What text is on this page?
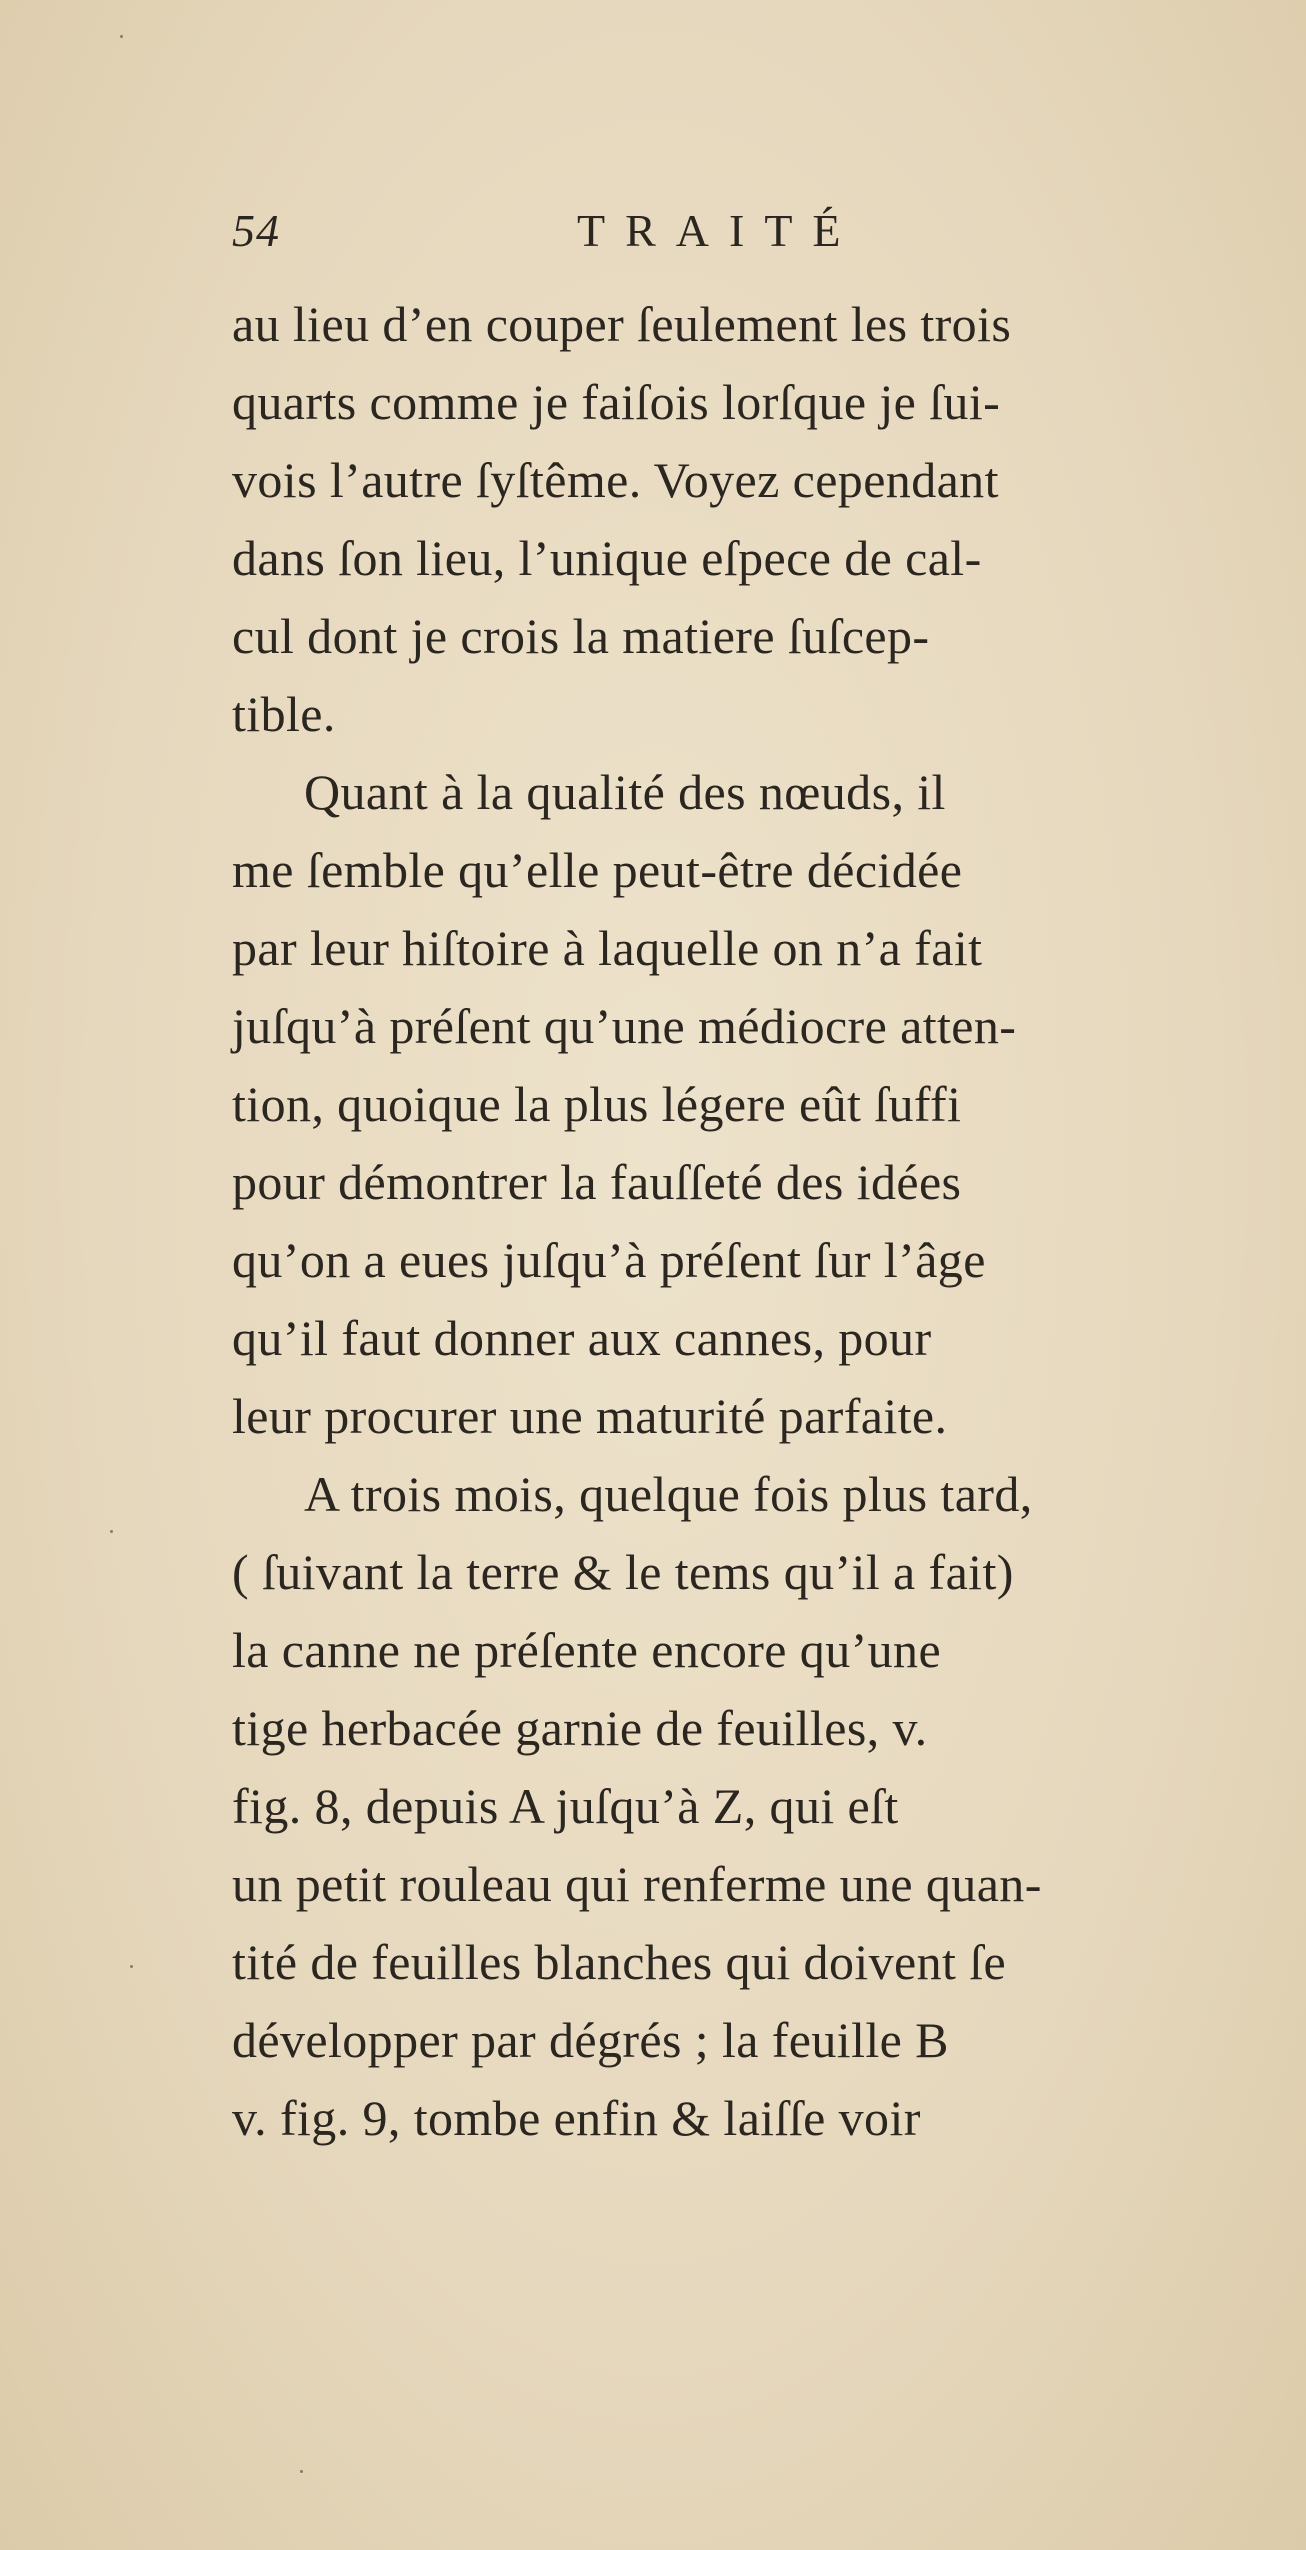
54	TRAITÉ
au lieu d’en couper ſeulement les trois
quarts comme je faiſois lorſque je ſui-
vois l’autre ſyſtême. Voyez cependant
dans ſon lieu, l’unique eſpece de cal-
cul dont je crois la matiere ſuſcep-
tible.
Quant à la qualité des nœuds, il
me ſemble qu’elle peut-être décidée
par leur hiſtoire à laquelle on n’a fait
juſqu’à préſent qu’une médiocre atten-
tion, quoique la plus légere eût ſuffi
pour démontrer la fauſſeté des idées
qu’on a eues juſqu’à préſent ſur l’âge
qu’il faut donner aux cannes, pour
leur procurer une maturité parfaite.
A trois mois, quelque fois plus tard,
( ſuivant la terre & le tems qu’il a fait)
la canne ne préſente encore qu’une
tige herbacée garnie de feuilles, v.
fig. 8, depuis A juſqu’à Z, qui eſt
un petit rouleau qui renferme une quan-
tité de feuilles blanches qui doivent ſe
développer par dégrés ; la feuille B
v. fig. 9, tombe enfin & laiſſe voir
